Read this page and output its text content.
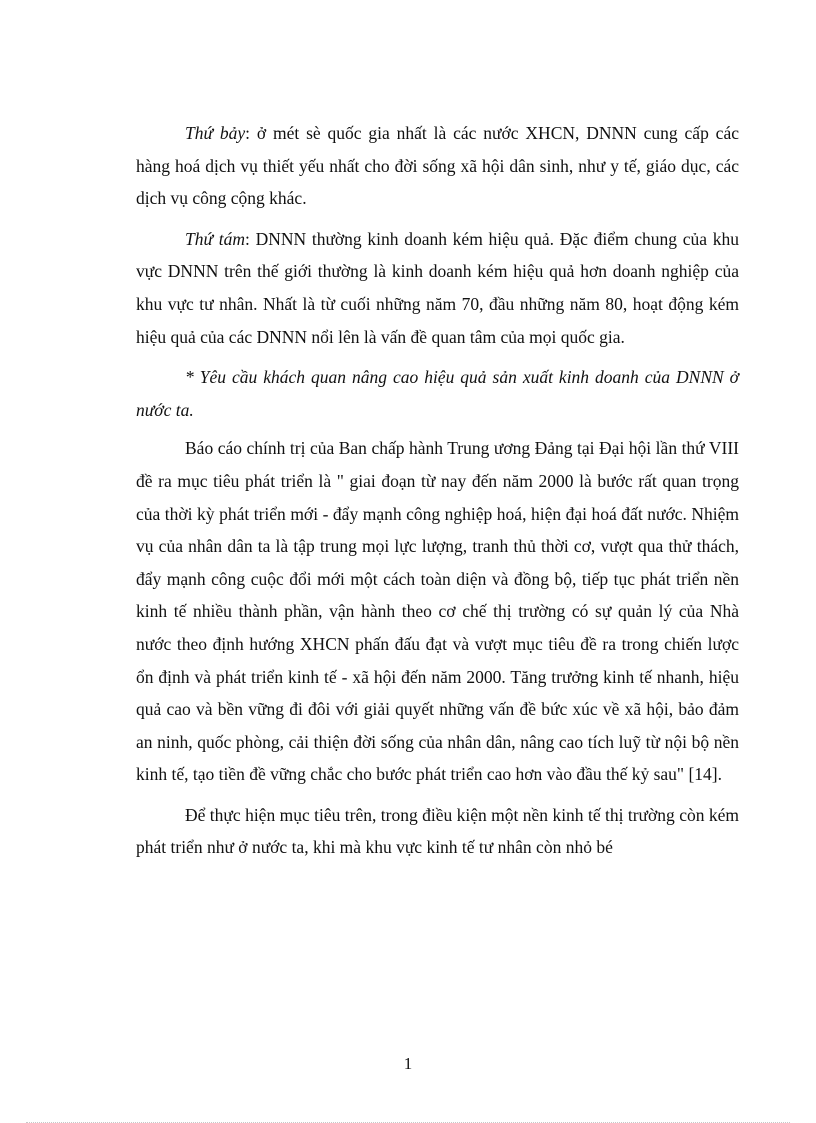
Thứ bảy: ở mét sè quốc gia nhất là các nước XHCN, DNNN cung cấp các hàng hoá dịch vụ thiết yếu nhất cho đời sống xã hội dân sinh, như y tế, giáo dục, các dịch vụ công cộng khác.

Thứ tám: DNNN thường kinh doanh kém hiệu quả. Đặc điểm chung của khu vực DNNN trên thế giới thường là kinh doanh kém hiệu quả hơn doanh nghiệp của khu vực tư nhân. Nhất là từ cuối những năm 70, đầu những năm 80, hoạt động kém hiệu quả của các DNNN nổi lên là vấn đề quan tâm của mọi quốc gia.

* Yêu cầu khách quan nâng cao hiệu quả sản xuất kinh doanh của DNNN ở nước ta.

Báo cáo chính trị của Ban chấp hành Trung ương Đảng tại Đại hội lần thứ VIII đề ra mục tiêu phát triển là " giai đoạn từ nay đến năm 2000 là bước rất quan trọng của thời kỳ phát triển mới - đẩy mạnh công nghiệp hoá, hiện đại hoá đất nước. Nhiệm vụ của nhân dân ta là tập trung mọi lực lượng, tranh thủ thời cơ, vượt qua thử thách, đẩy mạnh công cuộc đổi mới một cách toàn diện và đồng bộ, tiếp tục phát triển nền kinh tế nhiều thành phần, vận hành theo cơ chế thị trường có sự quản lý của Nhà nước theo định hướng XHCN phấn đấu đạt và vượt mục tiêu đề ra trong chiến lược ổn định và phát triển kinh tế - xã hội đến năm 2000. Tăng trưởng kinh tế nhanh, hiệu quả cao và bền vững đi đôi với giải quyết những vấn đề bức xúc về xã hội, bảo đảm an ninh, quốc phòng, cải thiện đời sống của nhân dân, nâng cao tích luỹ từ nội bộ nền kinh tế, tạo tiền đề vững chắc cho bước phát triển cao hơn vào đầu thế kỷ sau" [14].

Để thực hiện mục tiêu trên, trong điều kiện một nền kinh tế thị trường còn kém phát triển như ở nước ta, khi mà khu vực kinh tế tư nhân còn nhỏ bé

1
